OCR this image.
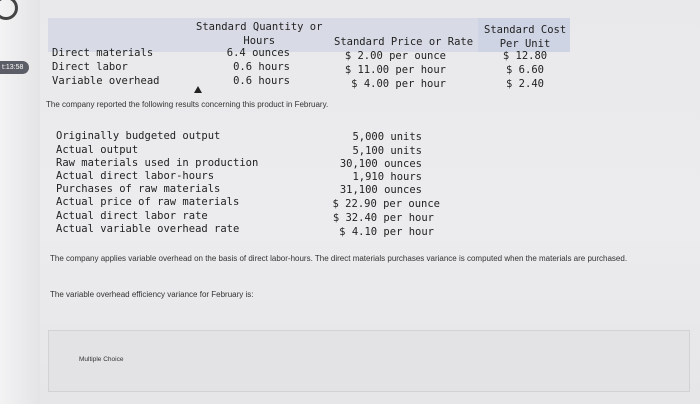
t:13:58
Standard Quantity or
Hours	Standard Price or Rate
Standard Cost
Per Unit
Direct materials	6.4 ounces	$ 2.00 per ounce	$ 12.80
Direct labor	0.6 hours	$ 11.00 per hour	$ 6.60
Variable overhead	0.6 hours	$ 4.00 per hour	$ 2.40
The company reported the following results concerning this product in February.
Originally budgeted output	5,000 units
Actual output	5,100 units
Raw materials used in production	30,100 ounces
Actual direct labor-hours	1,910 hours
Purchases of raw materials	31,100 ounces
Actual price of raw materials	$ 22.90 per ounce
Actual direct labor rate	$ 32.40 per hour
Actual variable overhead rate	$ 4.10 per hour
The company applies variable overhead on the basis of direct labor-hours. The direct materials purchases variance is computed when the materials are purchased.
The variable overhead efficiency variance for February is:
Multiple Choice
